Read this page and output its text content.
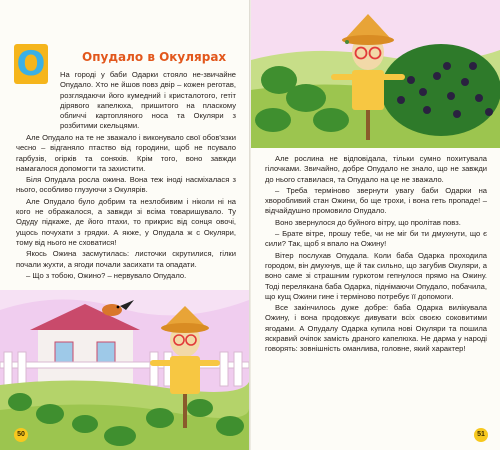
О	Опудало в Окулярах

На городі у баби Одарки стояло не-звичайне Опудало. Хто не йшов повз двір – кожен реготав, розглядаючи його кумедний і кристалотого, гетіт дірявого капелюха, пришитого на пласкому обличчі картопляного носа та Окуляри з розбитими скельцями.

Але Опудало на те не зважало і виконувало свої обов'язки чесно – відганяло птаство від городини, щоб не псувало гарбузів, огірків та соняхів. Крім того, воно завжди намагалося допомогти та захистити.

Біля Опудала росла ожина. Вона теж іноді насміхалася з нього, особливо глузуючи з Окулярів.

Але Опудало було добрим та незлобивим і ніколи ні на кого не ображалося, а завжди зі всіма товаришувало. Ту Одуду підкаже, де його птахи, то прикрис від сонця овочі, ущось почухати з грядки. А якже, у Опудала ж с Окуляри, тому від нього не сховатися!

Якось Ожина засмутилась: листочки скрутилися, гілки почали жухти, а ягоди почали засихати та опадати.

– Що з тобою, Ожино? – нервувало Опудало.

50

Але рослина не відповідала, тільки сумно похитувала гілочками. Звичайно, добре Опудало не знало, що не завжди до нього ставилася, та Опудало на це не зважало.

– Треба терміново звернути увагу баби Одарки на хворобливий стан Ожини, бо ще трохи, і вона геть пропаде! – відчайдушно промовило Опудало.

Воно звернулося до буйного вітру, що пролітав повз.

– Брате вітре, прошу тебе, чи не міг би ти дмухнути, що є сили? Так, щоб я впало на Ожину!

Вітер послухав Опудала. Коли баба Одарка проходила городом, він дмухнув, ще й так сильно, що загубив Окуляри, а воно саме зі страшним гуркотом гепнулося прямо на Ожину. Тоді перелякана баба Одарка, піднімаючи Опудало, побачила, що кущ Ожини гине і терміново потребує її допомоги.

Все закінчилось дуже добре: баба Одарка вилікувала Ожину, і вона продовжує дивувати всіх своєю соковитими ягодами. А Опудалу Одарка купила нові Окуляри та пошила яскравий очіпок замість драного капелюха. Не дарма у народі говорять: зовнішність оманлива, головне, який характер!

51
